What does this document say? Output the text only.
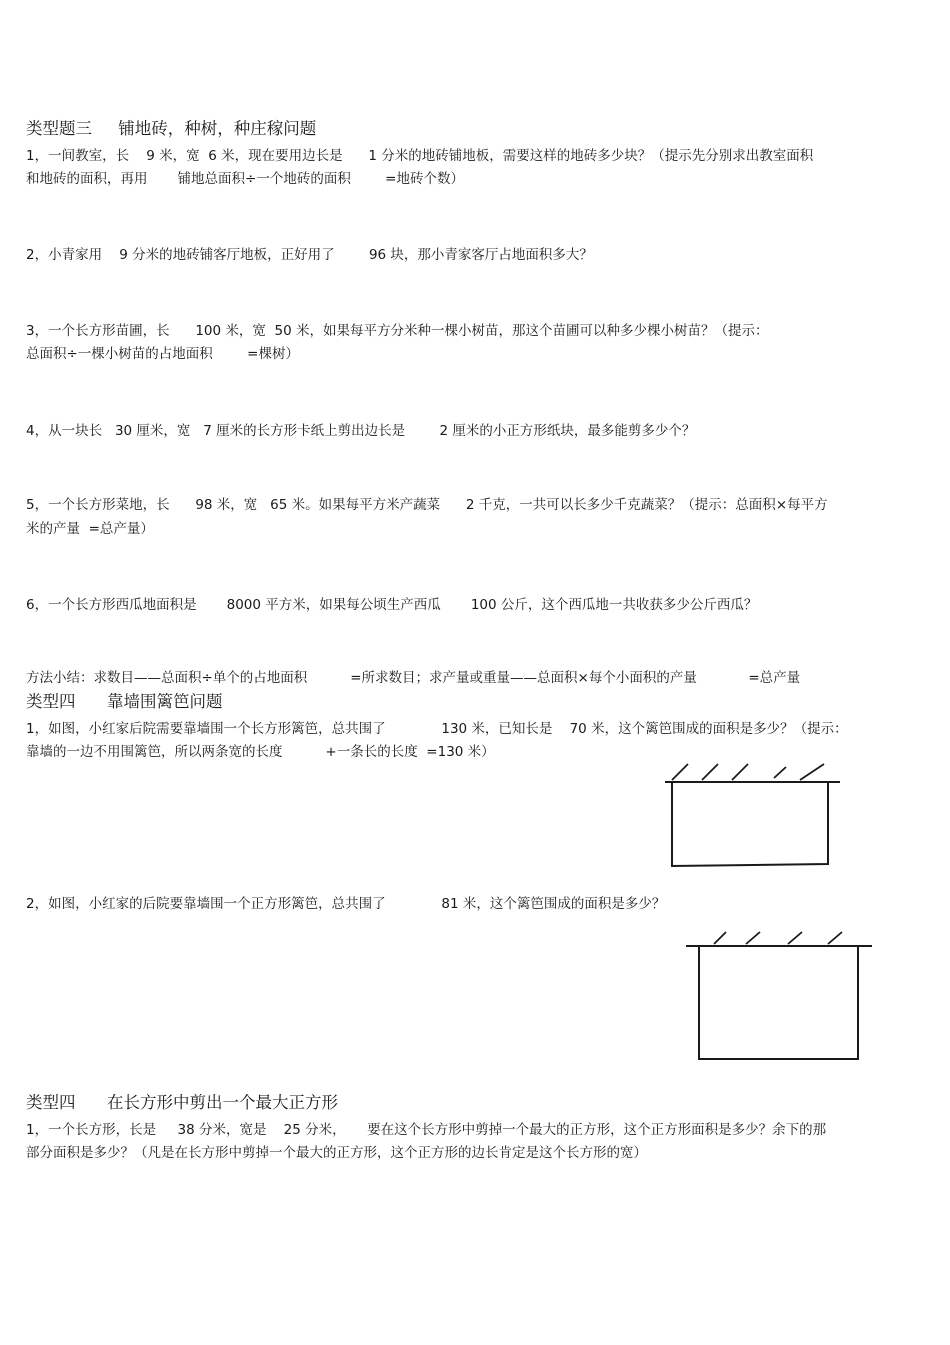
类型题三     铺地砖，种树，种庄稼问题
1，一间教室，长    9 米，宽  6 米，现在要用边长是      1 分米的地砖铺地板，需要这样的地砖多少块？（提示先分别求出教室面积
和地砖的面积，再用       铺地总面积÷一个地砖的面积        =地砖个数）
2，小青家用    9 分米的地砖铺客厅地板，正好用了        96 块，那小青家客厅占地面积多大？
3，一个长方形苗圃，长      100 米，宽  50 米，如果每平方分米种一棵小树苗，那这个苗圃可以种多少棵小树苗？（提示：
总面积÷一棵小树苗的占地面积        =棵树）
4，从一块长   30 厘米，宽   7 厘米的长方形卡纸上剪出边长是        2 厘米的小正方形纸块，最多能剪多少个？
5，一个长方形菜地，长      98 米，宽   65 米。如果每平方米产蔬菜      2 千克，一共可以长多少千克蔬菜？（提示：总面积×每平方
米的产量  =总产量）
6，一个长方形西瓜地面积是       8000 平方米，如果每公顷生产西瓜       100 公斤，这个西瓜地一共收获多少公斤西瓜？
方法小结：求数目——总面积÷单个的占地面积          =所求数目；求产量或重量——总面积×每个小面积的产量            =总产量
类型四      靠墙围篱笆问题
1，如图，小红家后院需要靠墙围一个长方形篱笆，总共围了             130 米，已知长是    70 米，这个篱笆围成的面积是多少？（提示：
靠墙的一边不用围篱笆，所以两条宽的长度          +一条长的长度  =130 米）
2，如图，小红家的后院要靠墙围一个正方形篱笆，总共围了             81 米，这个篱笆围成的面积是多少？
类型四      在长方形中剪出一个最大正方形
1，一个长方形，长是     38 分米，宽是    25 分米，     要在这个长方形中剪掉一个最大的正方形，这个正方形面积是多少？余下的那
部分面积是多少？（凡是在长方形中剪掉一个最大的正方形，这个正方形的边长肯定是这个长方形的宽）
